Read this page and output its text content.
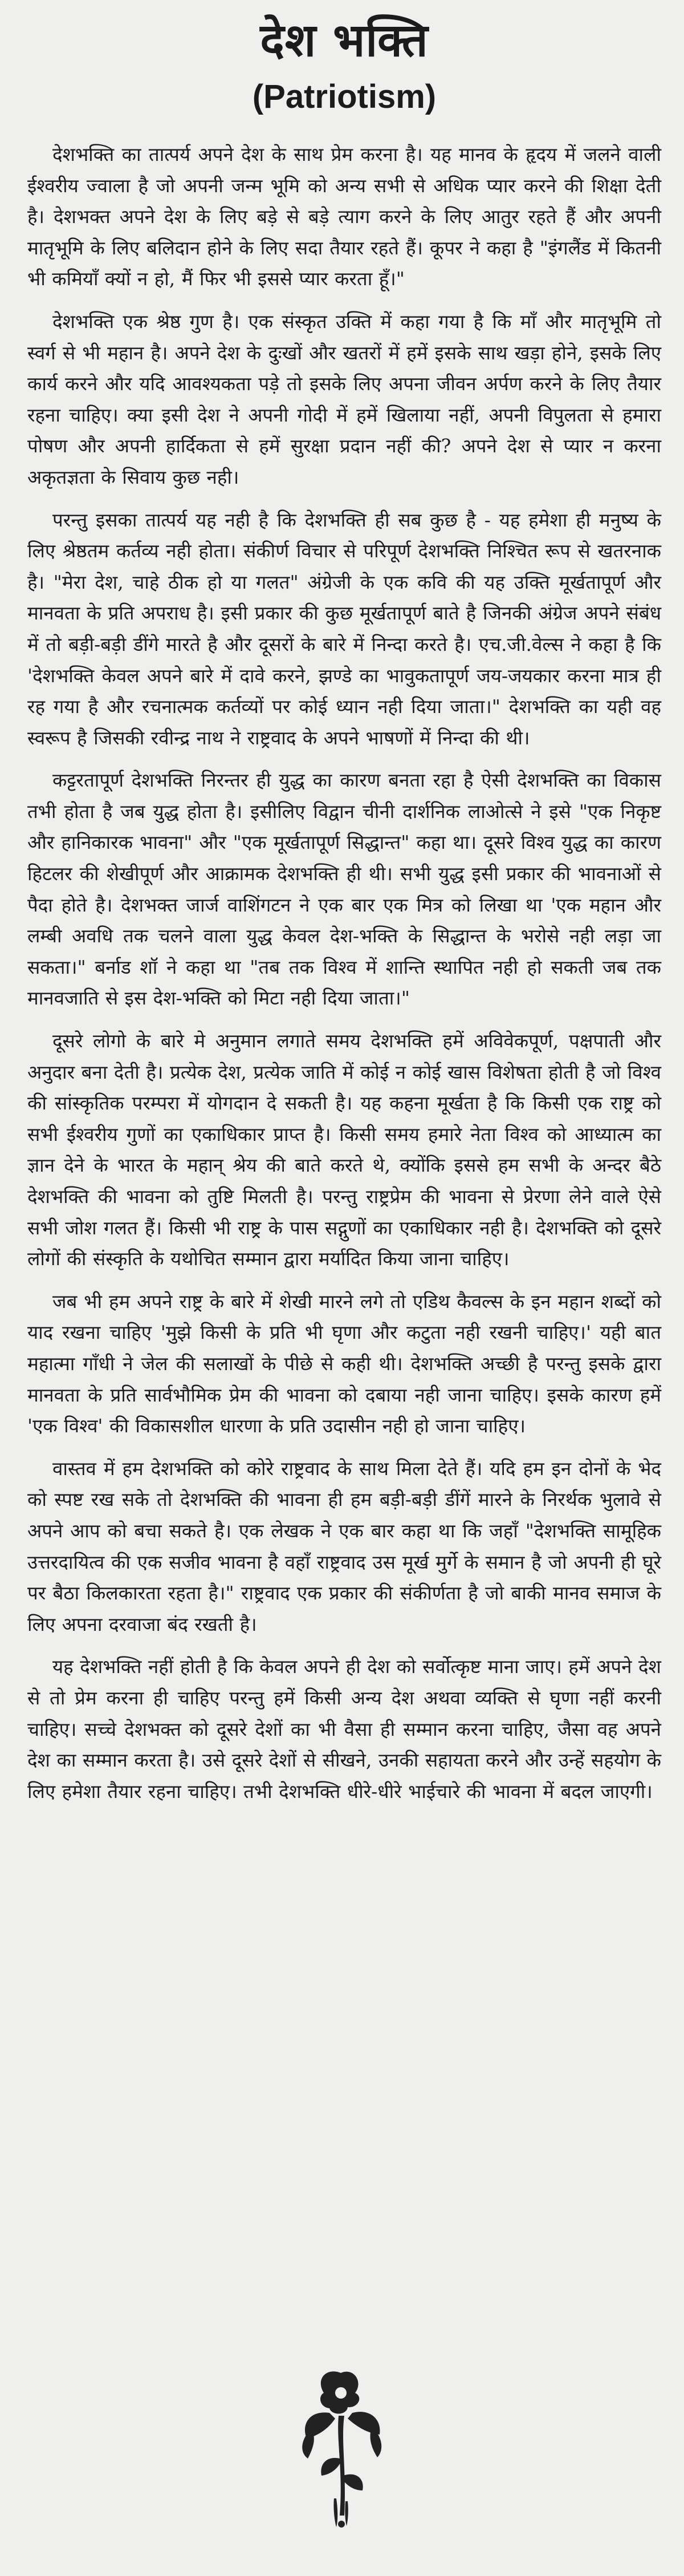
देश भक्ति
(Patriotism)

देशभक्ति का तात्पर्य अपने देश के साथ प्रेम करना है। यह मानव के हृदय में जलने वाली ईश्वरीय ज्वाला है जो अपनी जन्म भूमि को अन्य सभी से अधिक प्यार करने की शिक्षा देती है। देशभक्त अपने देश के लिए बड़े से बड़े त्याग करने के लिए आतुर रहते हैं और अपनी मातृभूमि के लिए बलिदान होने के लिए सदा तैयार रहते हैं। कूपर ने कहा है "इंगलैंड में कितनी भी कमियाँ क्यों न हो, मैं फिर भी इससे प्यार करता हूँ।"

देशभक्ति एक श्रेष्ठ गुण है। एक संस्कृत उक्ति में कहा गया है कि माँ और मातृभूमि तो स्वर्ग से भी महान है। अपने देश के दुःखों और खतरों में हमें इसके साथ खड़ा होने, इसके लिए कार्य करने और यदि आवश्यकता पड़े तो इसके लिए अपना जीवन अर्पण करने के लिए तैयार रहना चाहिए। क्या इसी देश ने अपनी गोदी में हमें खिलाया नहीं, अपनी विपुलता से हमारा पोषण और अपनी हार्दिकता से हमें सुरक्षा प्रदान नहीं की? अपने देश से प्यार न करना अकृतज्ञता के सिवाय कुछ नही।

परन्तु इसका तात्पर्य यह नही है कि देशभक्ति ही सब कुछ है - यह हमेशा ही मनुष्य के लिए श्रेष्ठतम कर्तव्य नही होता। संकीर्ण विचार से परिपूर्ण देशभक्ति निश्चित रूप से खतरनाक है। "मेरा देश, चाहे ठीक हो या गलत" अंग्रेजी के एक कवि की यह उक्ति मूर्खतापूर्ण और मानवता के प्रति अपराध है। इसी प्रकार की कुछ मूर्खतापूर्ण बाते है जिनकी अंग्रेज अपने संबंध में तो बड़ी-बड़ी डींगे मारते है और दूसरों के बारे में निन्दा करते है। एच.जी.वेल्स ने कहा है कि 'देशभक्ति केवल अपने बारे में दावे करने, झण्डे का भावुकतापूर्ण जय-जयकार करना मात्र ही रह गया है और रचनात्मक कर्तव्यों पर कोई ध्यान नही दिया जाता।" देशभक्ति का यही वह स्वरूप है जिसकी रवीन्द्र नाथ ने राष्ट्रवाद के अपने भाषणों में निन्दा की थी।

कट्टरतापूर्ण देशभक्ति निरन्तर ही युद्ध का कारण बनता रहा है ऐसी देशभक्ति का विकास तभी होता है जब युद्ध होता है। इसीलिए विद्वान चीनी दार्शनिक लाओत्से ने इसे "एक निकृष्ट और हानिकारक भावना" और "एक मूर्खतापूर्ण सिद्धान्त" कहा था। दूसरे विश्व युद्ध का कारण हिटलर की शेखीपूर्ण और आक्रामक देशभक्ति ही थी। सभी युद्ध इसी प्रकार की भावनाओं से पैदा होते है। देशभक्त जार्ज वाशिंगटन ने एक बार एक मित्र को लिखा था 'एक महान और लम्बी अवधि तक चलने वाला युद्ध केवल देश-भक्ति के सिद्धान्त के भरोसे नही लड़ा जा सकता।" बर्नाड शॉ ने कहा था "तब तक विश्व में शान्ति स्थापित नही हो सकती जब तक मानवजाति से इस देश-भक्ति को मिटा नही दिया जाता।"

दूसरे लोगो के बारे मे अनुमान लगाते समय देशभक्ति हमें अविवेकपूर्ण, पक्षपाती और अनुदार बना देती है। प्रत्येक देश, प्रत्येक जाति में कोई न कोई खास विशेषता होती है जो विश्व की सांस्कृतिक परम्परा में योगदान दे सकती है। यह कहना मूर्खता है कि किसी एक राष्ट्र को सभी ईश्वरीय गुणों का एकाधिकार प्राप्त है। किसी समय हमारे नेता विश्व को आध्यात्म का ज्ञान देने के भारत के महान् श्रेय की बाते करते थे, क्योंकि इससे हम सभी के अन्दर बैठे देशभक्ति की भावना को तुष्टि मिलती है। परन्तु राष्ट्रप्रेम की भावना से प्रेरणा लेने वाले ऐसे सभी जोश गलत हैं। किसी भी राष्ट्र के पास सद्गुणों का एकाधिकार नही है। देशभक्ति को दूसरे लोगों की संस्कृति के यथोचित सम्मान द्वारा मर्यादित किया जाना चाहिए।

जब भी हम अपने राष्ट्र के बारे में शेखी मारने लगे तो एडिथ कैवल्स के इन महान शब्दों को याद रखना चाहिए 'मुझे किसी के प्रति भी घृणा और कटुता नही रखनी चाहिए।' यही बात महात्मा गाँधी ने जेल की सलाखों के पीछे से कही थी। देशभक्ति अच्छी है परन्तु इसके द्वारा मानवता के प्रति सार्वभौमिक प्रेम की भावना को दबाया नही जाना चाहिए। इसके कारण हमें 'एक विश्व' की विकासशील धारणा के प्रति उदासीन नही हो जाना चाहिए।

वास्तव में हम देशभक्ति को कोरे राष्ट्रवाद के साथ मिला देते हैं। यदि हम इन दोनों के भेद को स्पष्ट रख सके तो देशभक्ति की भावना ही हम बड़ी-बड़ी डींगें मारने के निरर्थक भुलावे से अपने आप को बचा सकते है। एक लेखक ने एक बार कहा था कि जहाँ "देशभक्ति सामूहिक उत्तरदायित्व की एक सजीव भावना है वहाँ राष्ट्रवाद उस मूर्ख मुर्गे के समान है जो अपनी ही घूरे पर बैठा किलकारता रहता है।" राष्ट्रवाद एक प्रकार की संकीर्णता है जो बाकी मानव समाज के लिए अपना दरवाजा बंद रखती है।

यह देशभक्ति नहीं होती है कि केवल अपने ही देश को सर्वोत्कृष्ट माना जाए। हमें अपने देश से तो प्रेम करना ही चाहिए परन्तु हमें किसी अन्य देश अथवा व्यक्ति से घृणा नहीं करनी चाहिए। सच्चे देशभक्त को दूसरे देशों का भी वैसा ही सम्मान करना चाहिए, जैसा वह अपने देश का सम्मान करता है। उसे दूसरे देशों से सीखने, उनकी सहायता करने और उन्हें सहयोग के लिए हमेशा तैयार रहना चाहिए। तभी देशभक्ति धीरे-धीरे भाईचारे की भावना में बदल जाएगी।
